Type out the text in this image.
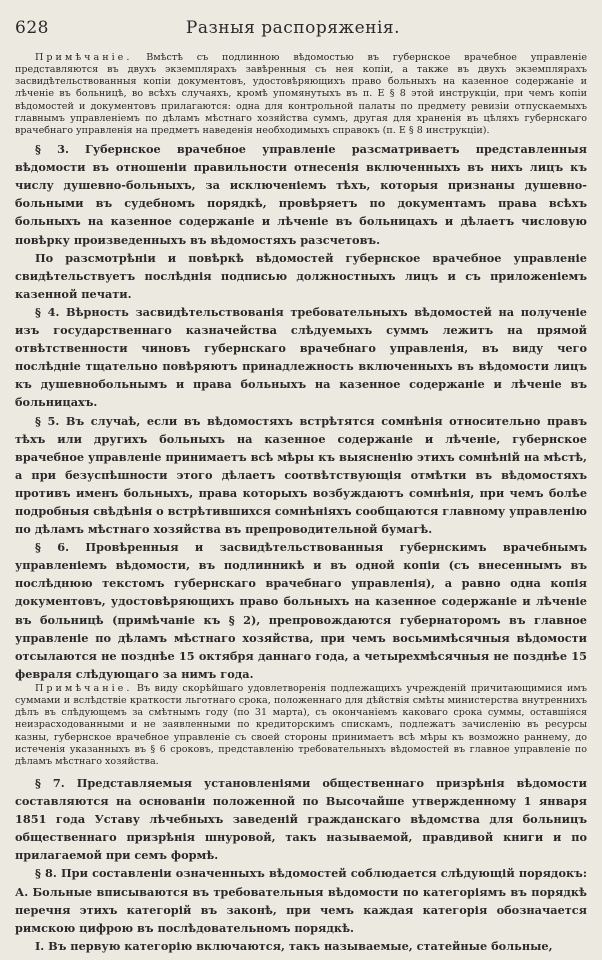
628	Разныя распоряженія.

Примѣчаніе. Вмѣстѣ съ подлинною вѣдомостью въ губернское врачебное управленіе представляются въ двухъ экземплярахъ завѣренныя съ нея копіи, а также въ двухъ экземплярахъ засвидѣтельствованныя копіи документовъ, удостовѣряющихъ право больныхъ на казенное содержаніе и лѣченіе въ больницѣ, во всѣхъ случаяхъ, кромѣ упомянутыхъ въ п. Е § 8 этой инструкціи, при чемъ копіи вѣдомостей и документовъ прилагаются: одна для контрольной палаты по предмету ревизіи отпускаемыхъ главнымъ управленіемъ по дѣламъ мѣстнаго хозяйства суммъ, другая для храненія въ цѣляхъ губернскаго врачебнаго управленія на предметъ наведенія необходимыхъ справокъ (п. Е § 8 инструкціи).

§ 3. Губернское врачебное управленіе разсматриваетъ представленныя вѣдомости въ отношеніи правильности отнесенія включенныхъ въ нихъ лицъ къ числу душевно-больныхъ, за исключеніемъ тѣхъ, которыя признаны душевно-больными въ судебномъ порядкѣ, провѣряетъ по документамъ права всѣхъ больныхъ на казенное содержаніе и лѣченіе въ больницахъ и дѣлаетъ числовую повѣрку произведенныхъ въ вѣдомостяхъ разсчетовъ.

По разсмотрѣніи и повѣркѣ вѣдомостей губернское врачебное управленіе свидѣтельствуетъ послѣднія подписью должностныхъ лицъ и съ приложеніемъ казенной печати.

§ 4. Вѣрность засвидѣтельствованія требовательныхъ вѣдомостей на полученіе изъ государственнаго казначейства слѣдуемыхъ суммъ лежитъ на прямой отвѣтственности чиновъ губернскаго врачебнаго управленія, въ виду чего послѣдніе тщательно повѣряютъ принадлежность включенныхъ въ вѣдомости лицъ къ душевнобольнымъ и права больныхъ на казенное содержаніе и лѣченіе въ больницахъ.

§ 5. Въ случаѣ, если въ вѣдомостяхъ встрѣтятся сомнѣнія относительно правъ тѣхъ или другихъ больныхъ на казенное содержаніе и лѣченіе, губернское врачебное управленіе принимаетъ всѣ мѣры къ выясненію этихъ сомнѣній на мѣстѣ, а при безуспѣшности этого дѣлаетъ соотвѣтствующія отмѣтки въ вѣдомостяхъ противъ именъ больныхъ, права которыхъ возбуждаютъ сомнѣнія, при чемъ болѣе подробныя свѣдѣнія о встрѣтившихся сомнѣніяхъ сообщаются главному управленію по дѣламъ мѣстнаго хозяйства въ препроводительной бумагѣ.

§ 6. Провѣренныя и засвидѣтельствованныя губернскимъ врачебнымъ управленіемъ вѣдомости, въ подлинникѣ и въ одной копіи (съ внесеннымъ въ послѣднюю текстомъ губернскаго врачебнаго управленія), а равно одна копія документовъ, удостовѣряющихъ право больныхъ на казенное содержаніе и лѣченіе въ больницѣ (примѣчаніе къ § 2), препровождаются губернаторомъ въ главное управленіе по дѣламъ мѣстнаго хозяйства, при чемъ восьмимѣсячныя вѣдомости отсылаются не позднѣе 15 октября даннаго года, а четырехмѣсячныя не позднѣе 15 февраля слѣдующаго за нимъ года.

Примѣчаніе. Въ виду скорѣйшаго удовлетворенія подлежащихъ учрежденій причитающимися имъ суммами и вслѣдствіе краткости льготнаго срока, положеннаго для дѣйствія смѣты министерства внутреннихъ дѣлъ въ слѣдующемъ за смѣтнымъ году (по 31 марта), съ окончаніемъ каковаго срока суммы, оставшіяся неизрасходованными и не заявленными по кредиторскимъ спискамъ, подлежатъ зачисленію въ ресурсы казны, губернское врачебное управленіе съ своей стороны принимаетъ всѣ мѣры къ возможно раннему, до истеченія указанныхъ въ § 6 сроковъ, представленію требовательныхъ вѣдомостей въ главное управленіе по дѣламъ мѣстнаго хозяйства.

§ 7. Представляемыя установленіями общественнаго призрѣнія вѣдомости составляются на основаніи положенной по Высочайше утвержденному 1 января 1851 года Уставу лѣчебныхъ заведеній гражданскаго вѣдомства для больницъ общественнаго призрѣнія шнуровой, такъ называемой, правдивой книги и по прилагаемой при семъ формѣ.

§ 8. При составленіи означенныхъ вѣдомостей соблюдается слѣдующій порядокъ: А. Больные вписываются въ требовательныя вѣдомости по категоріямъ въ порядкѣ перечня этихъ категорій въ законѣ, при чемъ каждая категорія обозначается римскою цифрою въ послѣдовательномъ порядкѣ.

I. Въ первую категорію включаются, такъ называемые, статейные больные,
